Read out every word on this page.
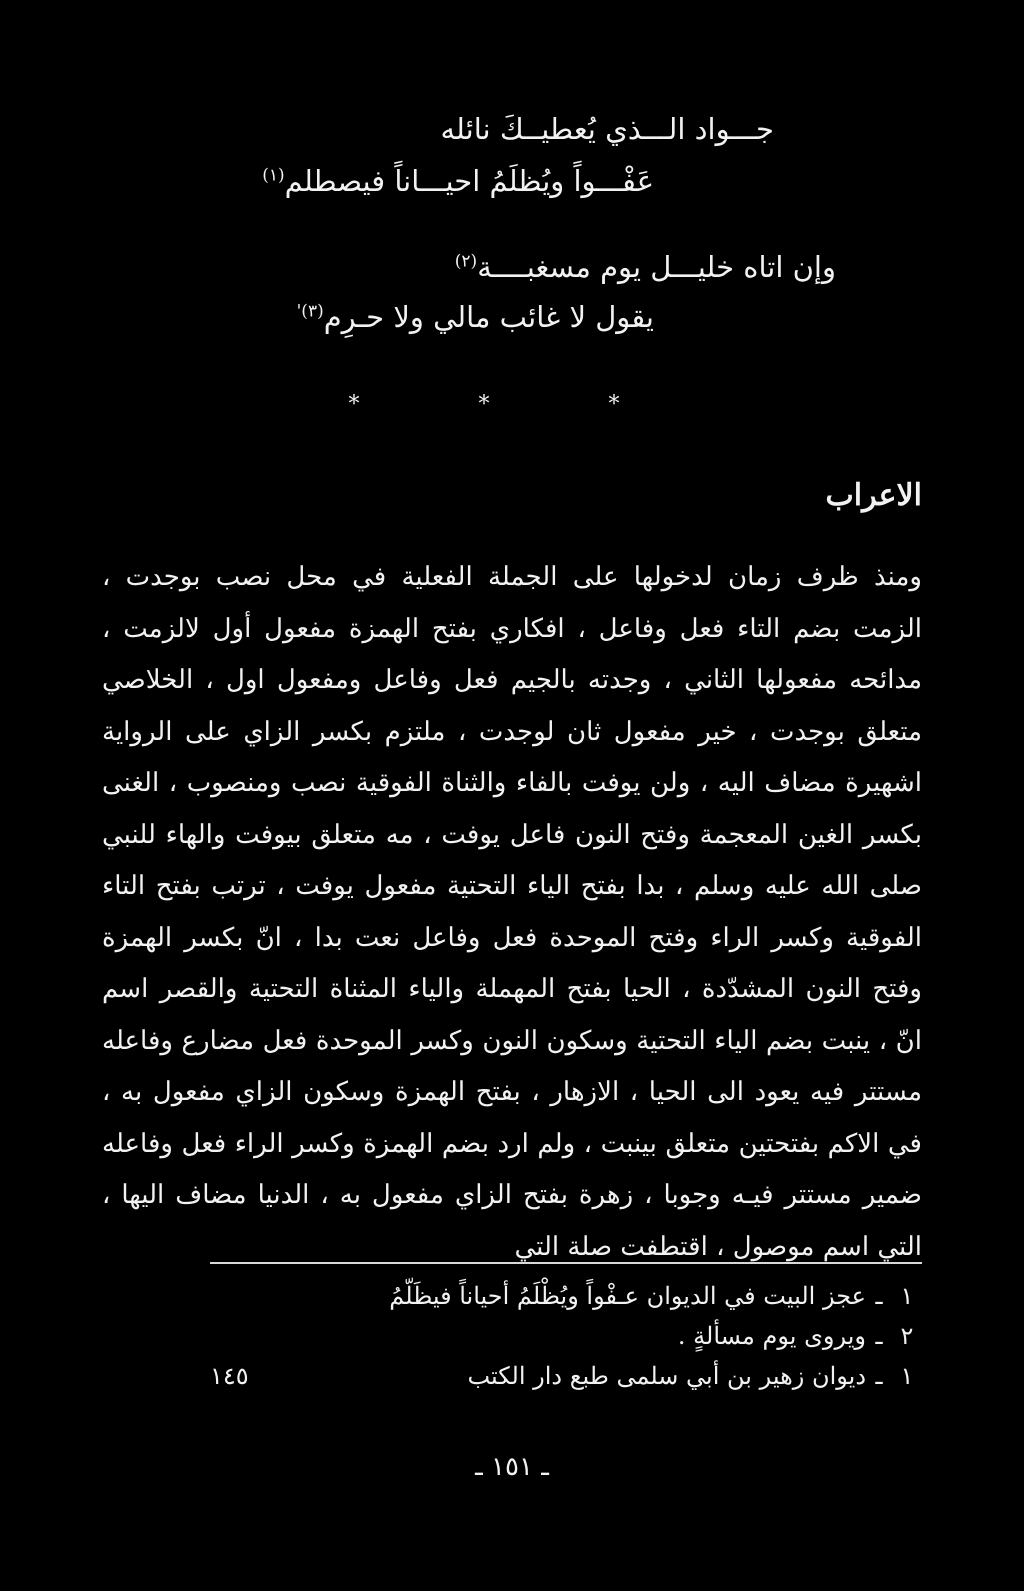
جـــواد الـــذي يُعطيــكَ نائله
عَفْـــواً ويُظلَمُ احيـــاناً فيصطلم$^{(١)}$
وإن اتاه خليـــل يوم مسغبــــة$^{(٢)}$
يقول لا غائب مالي ولا حـرِم$^{(٣)'}$
* * *
الاعراب

ومنذ ظرف زمان لدخولها على الجملة الفعلية في محل نصب بوجدت ، الزمت بضم التاء فعل وفاعل ، افكاري بفتح الهمزة مفعول أول لالزمت ، مدائحه مفعولها الثاني ، وجدته بالجيم فعل وفاعل ومفعول اول ، الخلاصي متعلق بوجدت ، خير مفعول ثان لوجدت ، ملتزم بكسر الزاي على الرواية اشهيرة مضاف اليه ، ولن يوفت بالفاء والثناة الفوقية نصب ومنصوب ، الغنى بكسر الغين المعجمة وفتح النون فاعل يوفت ، مه متعلق بيوفت والهاء للنبي صلى الله عليه وسلم ، بدا بفتح الياء التحتية مفعول يوفت ، ترتب بفتح التاء الفوقية وكسر الراء وفتح الموحدة فعل وفاعل نعت بدا ، انّ بكسر الهمزة وفتح النون المشدّدة ، الحيا بفتح المهملة والياء المثناة التحتية والقصر اسم انّ ، ينبت بضم الياء التحتية وسكون النون وكسر الموحدة فعل مضارع وفاعله مستتر فيه يعود الى الحيا ، الازهار ، بفتح الهمزة وسكون الزاي مفعول به ، في الاكم بفتحتين متعلق بينبت ، ولم ارد بضم الهمزة وكسر الراء فعل وفاعله ضمير مستتر فيـه وجوبا ، زهرة بفتح الزاي مفعول به ، الدنيا مضاف اليها ، التي اسم موصول ، اقتطفت صلة التي

ـ ١٥١ ـ
١
ـ
عجز البيت في الديوان عـفْواً ويُظْلَمُ أحياناً فيظَلّمُ
٢
ـ
ويروى يوم مسألةٍ .
١
ـ
ديوان زهير بن أبي سلمى طبع دار الكتب
١٤٥
